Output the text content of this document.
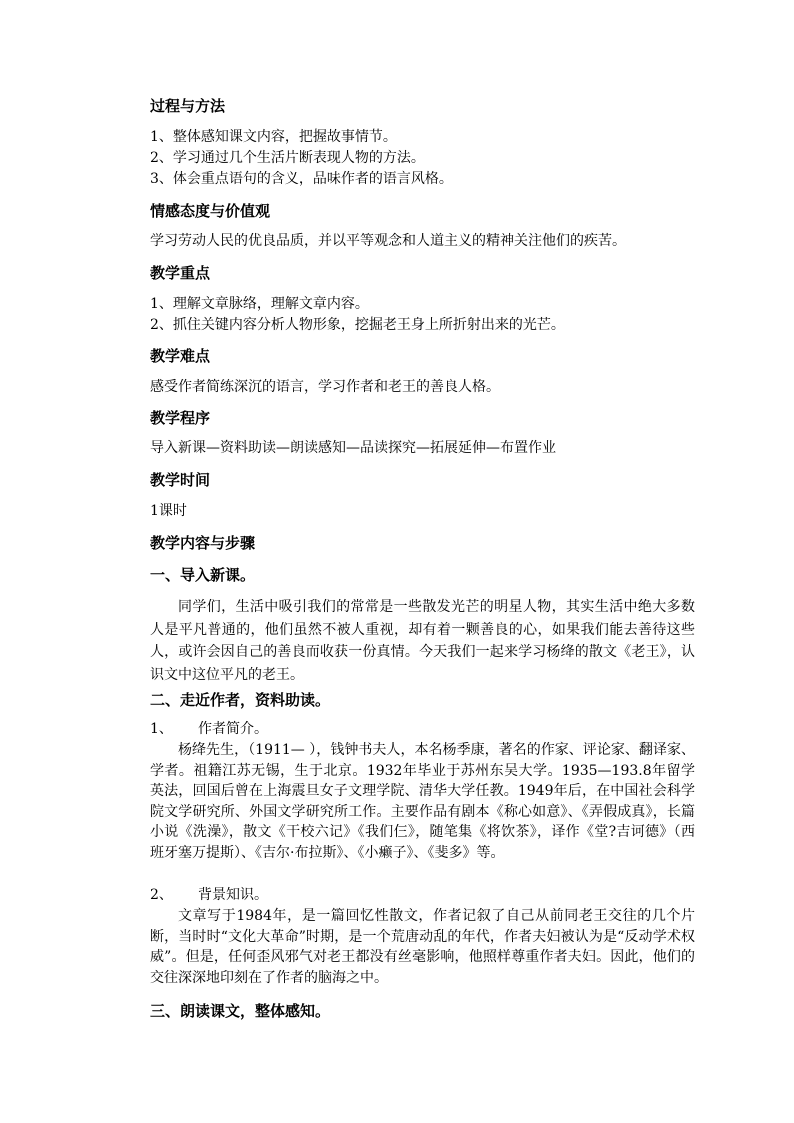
过程与方法
1、整体感知课文内容，把握故事情节。
2、学习通过几个生活片断表现人物的方法。
3、体会重点语句的含义，品味作者的语言风格。
情感态度与价值观
学习劳动人民的优良品质，并以平等观念和人道主义的精神关注他们的疾苦。
教学重点
1、理解文章脉络，理解文章内容。
2、抓住关键内容分析人物形象，挖掘老王身上所折射出来的光芒。
教学难点
感受作者简练深沉的语言，学习作者和老王的善良人格。
教学程序
导入新课—资料助读—朗读感知—品读探究—拓展延伸—布置作业
教学时间
1课时
教学内容与步骤
一、导入新课。
同学们，生活中吸引我们的常常是一些散发光芒的明星人物，其实生活中绝大多数人是平凡普通的，他们虽然不被人重视，却有着一颗善良的心，如果我们能去善待这些人，或许会因自己的善良而收获一份真情。今天我们一起来学习杨绛的散文《老王》，认识文中这位平凡的老王。
二、走近作者，资料助读。
1、 作者简介。
杨绛先生，（1911— ），钱钟书夫人，本名杨季康，著名的作家、评论家、翻译家、学者。祖籍江苏无锡，生于北京。1932年毕业于苏州东吴大学。1935—193.8年留学英法，回国后曾在上海震旦女子文理学院、清华大学任教。1949年后，在中国社会科学院文学研究所、外国文学研究所工作。主要作品有剧本《称心如意》、《弄假成真》，长篇小说《洗澡》，散文《干校六记》《我们仨》，随笔集《将饮茶》，译作《堂?吉诃德》（西班牙塞万提斯）、《吉尔·布拉斯》、《小癞子》、《斐多》等。
2、 背景知识。
文章写于1984年，是一篇回忆性散文，作者记叙了自己从前同老王交往的几个片断，当时时“文化大革命”时期，是一个荒唐动乱的年代，作者夫妇被认为是“反动学术权威”。但是，任何歪风邪气对老王都没有丝毫影响，他照样尊重作者夫妇。因此，他们的交往深深地印刻在了作者的脑海之中。
三、朗读课文，整体感知。
